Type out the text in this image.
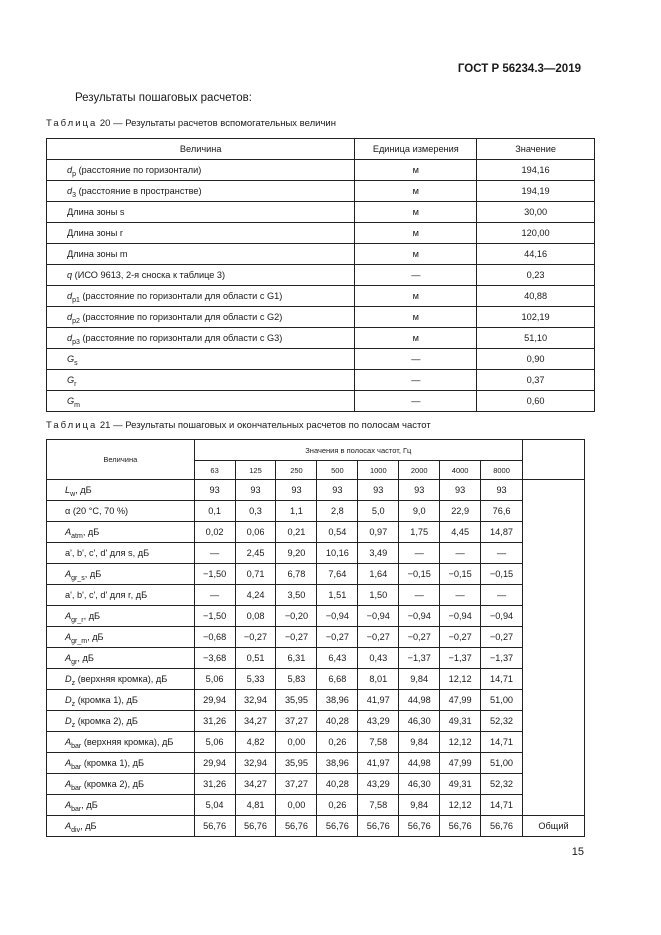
ГОСТ Р 56234.3—2019
Результаты пошаговых расчетов:
Таблица 20 — Результаты расчетов вспомогательных величин
Величина	Единица измерения	Значение
$d_p$ (расстояние по горизонтали)	м	194,16
$d_3$ (расстояние в пространстве)	м	194,19
Длина зоны s	м	30,00
Длина зоны r	м	120,00
Длина зоны m	м	44,16
q (ИСО 9613, 2-я сноска к таблице 3)	—	0,23
$d_{p1}$ (расстояние по горизонтали для области с G1)	м	40,88
$d_{p2}$ (расстояние по горизонтали для области с G2)	м	102,19
$d_{p3}$ (расстояние по горизонтали для области с G3)	м	51,10
$G_s$	—	0,90
$G_r$	—	0,37
$G_m$	—	0,60
Таблица 21 — Результаты пошаговых и окончательных расчетов по полосам частот
Величина	Значения в полосах частот, Гц								
	63	125	250	500	1000	2000	4000	8000	
$L_w$, дБ	93	93	93	93	93	93	93	93	
α (20 °С, 70 %)	0,1	0,3	1,1	2,8	5,0	9,0	22,9	76,6	
$A_{atm}$, дБ	0,02	0,06	0,21	0,54	0,97	1,75	4,45	14,87	
a', b', c', d' для s, дБ	—	2,45	9,20	10,16	3,49	—	—	—	
$A_{gr\_s}$, дБ	−1,50	0,71	6,78	7,64	1,64	−0,15	−0,15	−0,15	
a', b', c', d' для r, дБ	—	4,24	3,50	1,51	1,50	—	—	—	
$A_{gr\_r}$, дБ	−1,50	0,08	−0,20	−0,94	−0,94	−0,94	−0,94	−0,94	
$A_{gr\_m}$, дБ	−0,68	−0,27	−0,27	−0,27	−0,27	−0,27	−0,27	−0,27	
$A_{gr}$, дБ	−3,68	0,51	6,31	6,43	0,43	−1,37	−1,37	−1,37	
$D_z$ (верхняя кромка), дБ	5,06	5,33	5,83	6,68	8,01	9,84	12,12	14,71	
$D_z$ (кромка 1), дБ	29,94	32,94	35,95	38,96	41,97	44,98	47,99	51,00	
$D_z$ (кромка 2), дБ	31,26	34,27	37,27	40,28	43,29	46,30	49,31	52,32	
$A_{bar}$ (верхняя кромка), дБ	5,06	4,82	0,00	0,26	7,58	9,84	12,12	14,71	
$A_{bar}$ (кромка 1), дБ	29,94	32,94	35,95	38,96	41,97	44,98	47,99	51,00	
$A_{bar}$ (кромка 2), дБ	31,26	34,27	37,27	40,28	43,29	46,30	49,31	52,32	
$A_{bar}$, дБ	5,04	4,81	0,00	0,26	7,58	9,84	12,12	14,71	
$A_{div}$, дБ	56,76	56,76	56,76	56,76	56,76	56,76	56,76	56,76	Общий
15
